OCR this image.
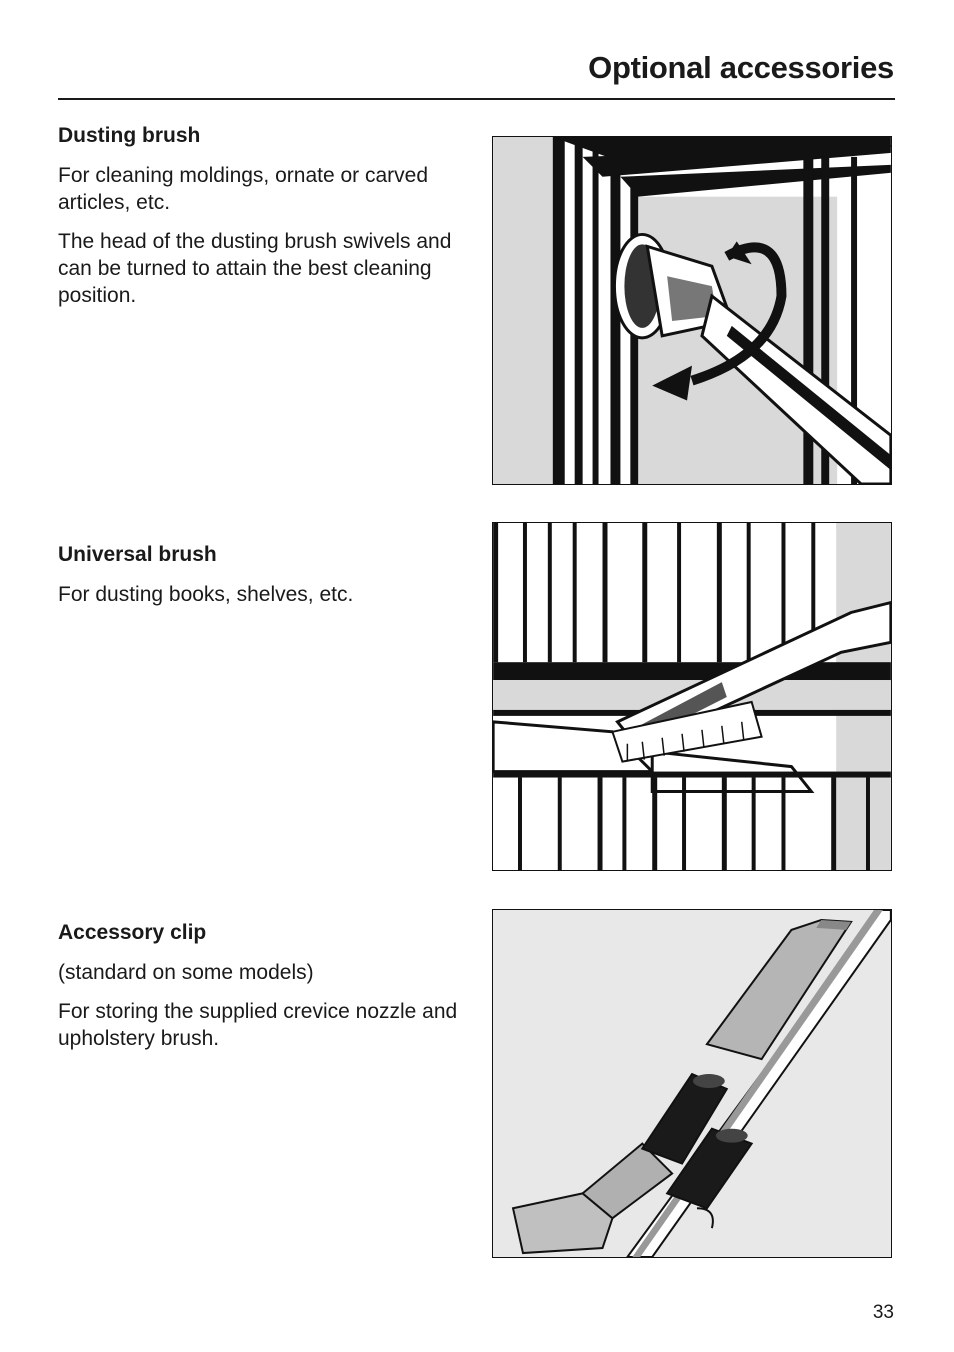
Optional accessories
Dusting brush

For cleaning moldings, ornate or carved articles, etc.

The head of the dusting brush swivels and can be turned to attain the best cleaning position.

Universal brush

For dusting books, shelves, etc.

Accessory clip

(standard on some models)

For storing the supplied crevice nozzle and upholstery brush.

33
